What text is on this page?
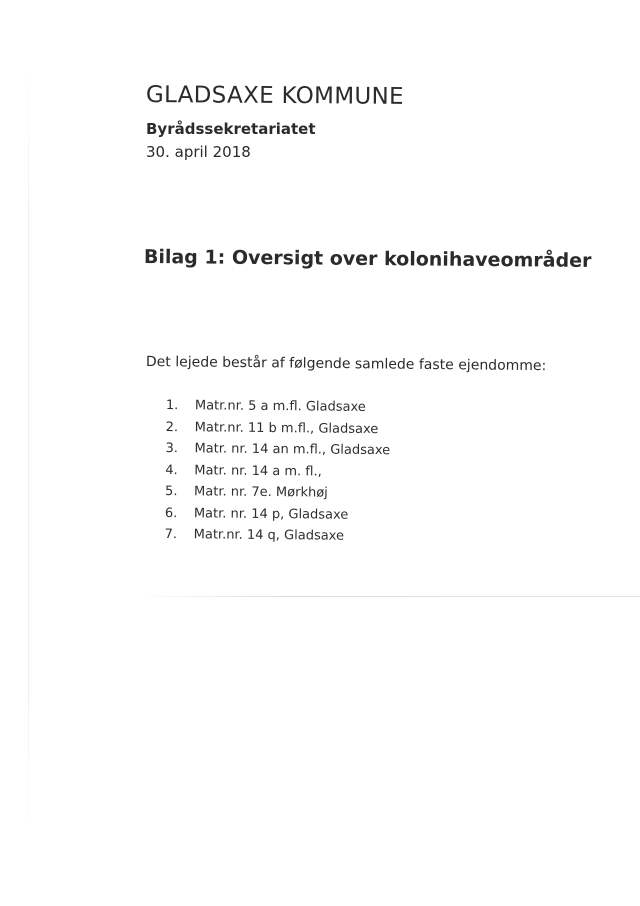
GLADSAXE KOMMUNE

Byrådssekretariatet

30. april 2018

Bilag 1: Oversigt over kolonihaveområder

Det lejede består af følgende samlede faste ejendomme:

1. Matr.nr. 5 a m.fl. Gladsaxe
2. Matr.nr. 11 b m.fl., Gladsaxe
3. Matr. nr. 14 an m.fl., Gladsaxe
4. Matr. nr. 14 a m. fl.,
5. Matr. nr. 7e. Mørkhøj
6. Matr. nr. 14 p, Gladsaxe
7. Matr.nr. 14 q, Gladsaxe
